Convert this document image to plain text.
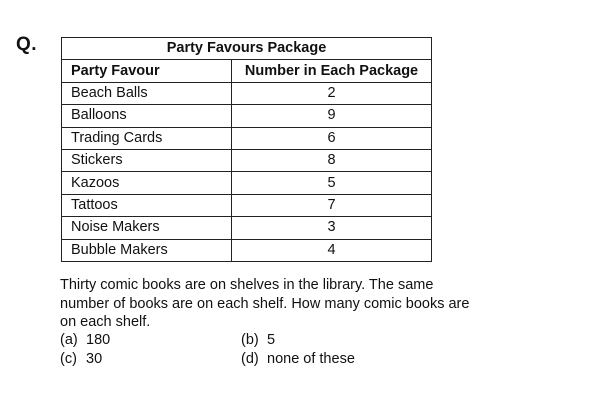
Q.	Party Favours Package	
Party Favour	Number in Each Package
Beach Balls	2
Balloons	9
Trading Cards	6
Stickers	8
Kazoos	5
Tattoos	7
Noise Makers	3
Bubble Makers	4
Thirty comic books are on shelves in the library. The same number of books are on each shelf. How many comic books are on each shelf.
(a) 180	(b) 5
(c) 30	(d) none of these
